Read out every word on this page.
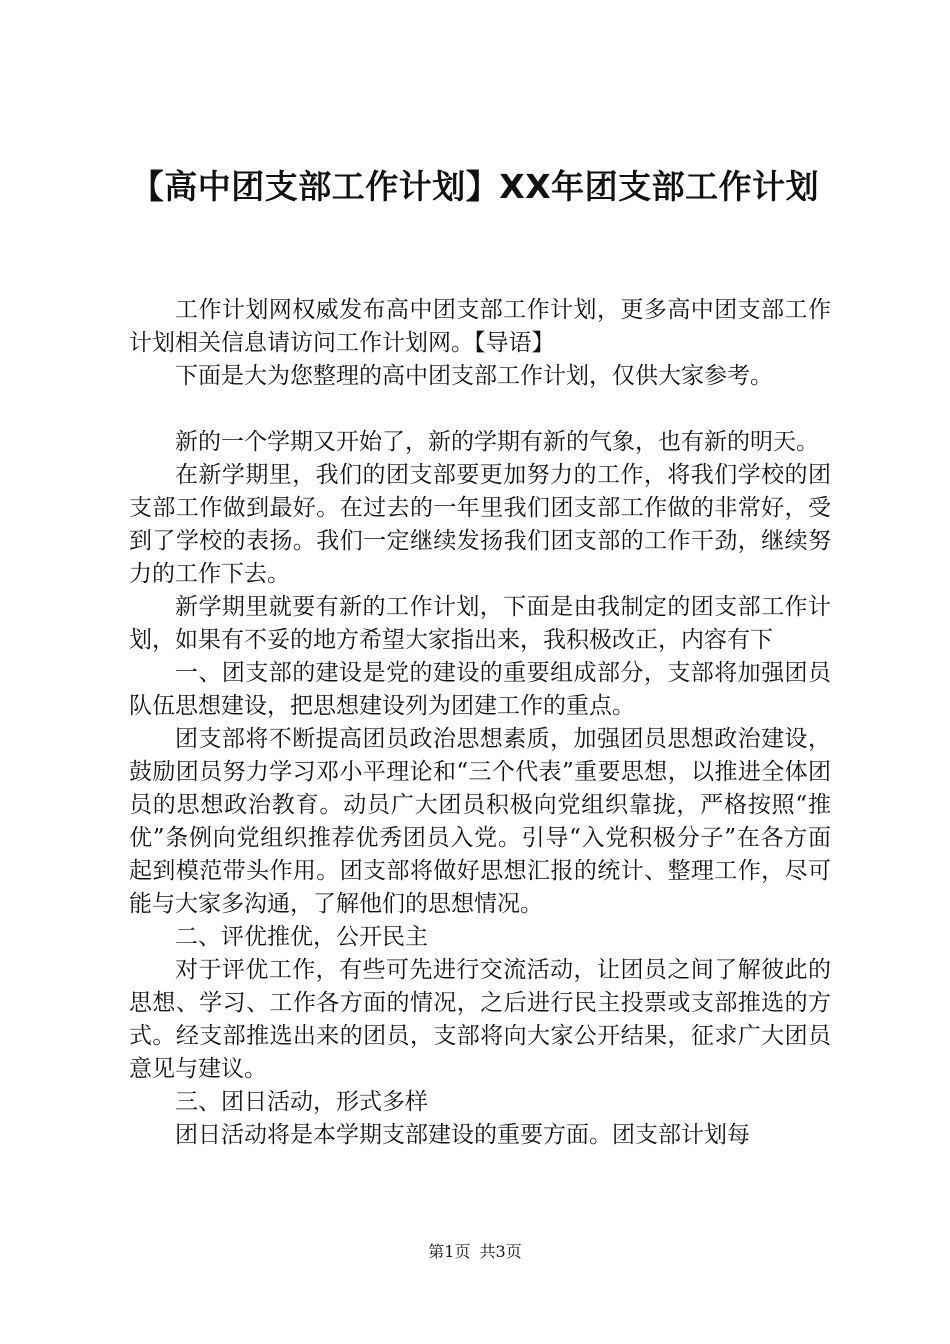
【高中团支部工作计划】XX年团支部工作计划

工作计划网权威发布高中团支部工作计划，更多高中团支部工作计划相关信息请访问工作计划网。【导语】

下面是大为您整理的高中团支部工作计划，仅供大家参考。

新的一个学期又开始了，新的学期有新的气象，也有新的明天。

在新学期里，我们的团支部要更加努力的工作，将我们学校的团支部工作做到最好。在过去的一年里我们团支部工作做的非常好，受到了学校的表扬。我们一定继续发扬我们团支部的工作干劲，继续努力的工作下去。

新学期里就要有新的工作计划，下面是由我制定的团支部工作计划，如果有不妥的地方希望大家指出来，我积极改正，内容有下

一、团支部的建设是党的建设的重要组成部分，支部将加强团员队伍思想建设，把思想建设列为团建工作的重点。

团支部将不断提高团员政治思想素质，加强团员思想政治建设，鼓励团员努力学习邓小平理论和“三个代表”重要思想，以推进全体团员的思想政治教育。动员广大团员积极向党组织靠拢，严格按照“推优”条例向党组织推荐优秀团员入党。引导“入党积极分子”在各方面起到模范带头作用。团支部将做好思想汇报的统计、整理工作，尽可能与大家多沟通，了解他们的思想情况。

二、评优推优，公开民主

对于评优工作，有些可先进行交流活动，让团员之间了解彼此的思想、学习、工作各方面的情况，之后进行民主投票或支部推选的方式。经支部推选出来的团员，支部将向大家公开结果，征求广大团员意见与建议。

三、团日活动，形式多样

团日活动将是本学期支部建设的重要方面。团支部计划每

第1页 共3页
